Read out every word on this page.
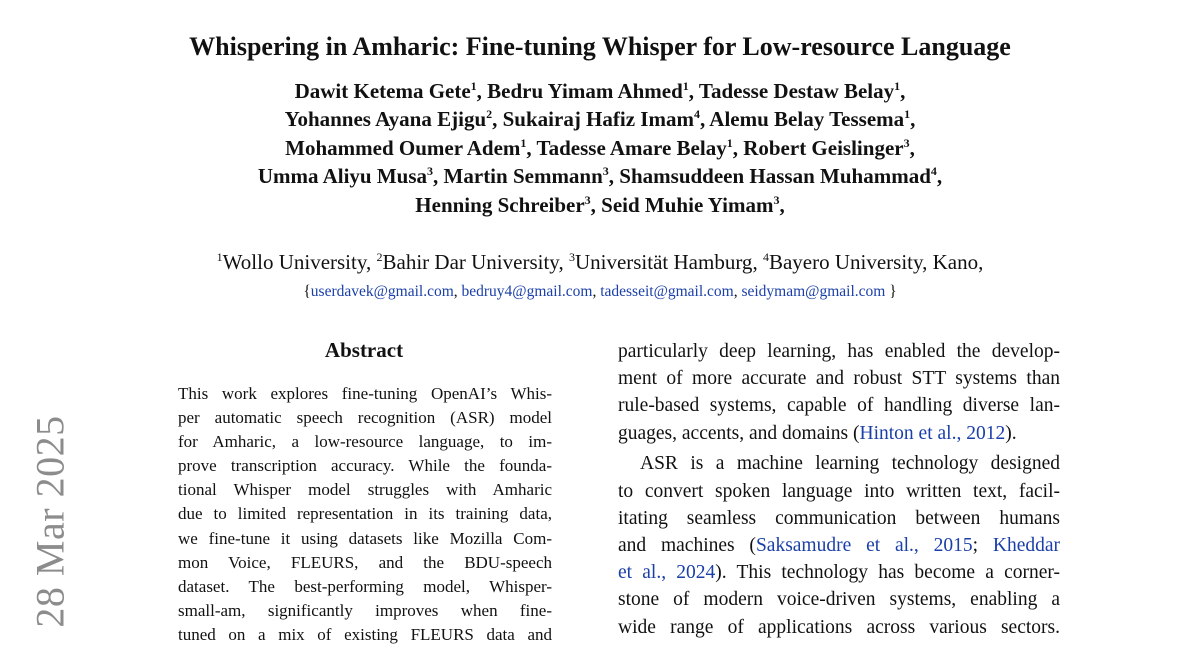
Whispering in Amharic: Fine-tuning Whisper for Low-resource Language
Dawit Ketema Gete$^1$, Bedru Yimam Ahmed$^1$, Tadesse Destaw Belay$^1$,
Yohannes Ayana Ejigu$^2$, Sukairaj Hafiz Imam$^4$, Alemu Belay Tessema$^1$,
Mohammed Oumer Adem$^1$, Tadesse Amare Belay$^1$, Robert Geislinger$^3$,
Umma Aliyu Musa$^3$, Martin Semmann$^3$, Shamsuddeen Hassan Muhammad$^4$,
Henning Schreiber$^3$, Seid Muhie Yimam$^3$,
$^1$Wollo University, $^2$Bahir Dar University, $^3$Universität Hamburg, $^4$Bayero University, Kano,
{userdavek@gmail.com, bedruy4@gmail.com, tadesseit@gmail.com, seidymam@gmail.com }
Abstract
This work explores fine-tuning OpenAI’s Whis-
per automatic speech recognition (ASR) model
for Amharic, a low-resource language, to im-
prove transcription accuracy. While the founda-
tional Whisper model struggles with Amharic
due to limited representation in its training data,
we fine-tune it using datasets like Mozilla Com-
mon Voice, FLEURS, and the BDU-speech
dataset. The best-performing model, Whisper-
small-am, significantly improves when fine-
tuned on a mix of existing FLEURS data and
particularly deep learning, has enabled the develop-
ment of more accurate and robust STT systems than
rule-based systems, capable of handling diverse lan-
guages, accents, and domains (Hinton et al., 2012).
ASR is a machine learning technology designed
to convert spoken language into written text, facil-
itating seamless communication between humans
and machines (Saksamudre et al., 2015; Kheddar
et al., 2024). This technology has become a corner-
stone of modern voice-driven systems, enabling a
wide range of applications across various sectors.
28 Mar 2025
